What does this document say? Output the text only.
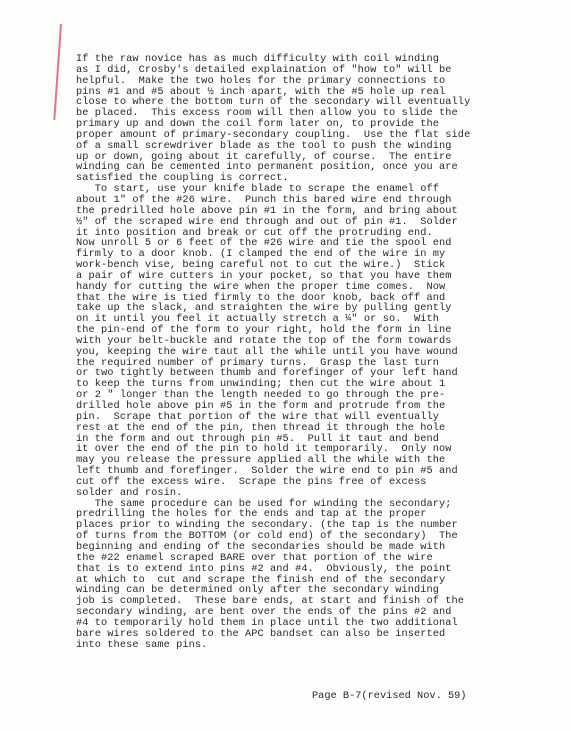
If the raw novice has as much difficulty with coil winding
as I did, Crosby's detailed explaination of "how to" will be
helpful.  Make the two holes for the primary connections to
pins #1 and #5 about ½ inch apart, with the #5 hole up real
close to where the bottom turn of the secondary will eventually
be placed.  This excess room will then allow you to slide the
primary up and down the coil form later on, to provide the
proper amount of primary-secondary coupling.  Use the flat side
of a small screwdriver blade as the tool to push the winding
up or down, going about it carefully, of course.  The entire
winding can be cemented into permanent position, once you are
satisfied the coupling is correct.
To start, use your knife blade to scrape the enamel off
about 1" of the #26 wire.  Punch this bared wire end through
the predrilled hole above pin #1 in the form, and bring about
½" of the scraped wire end through and out of pin #1.  Solder
it into position and break or cut off the protruding end.
Now unroll 5 or 6 feet of the #26 wire and tie the spool end
firmly to a door knob. (I clamped the end of the wire in my
work-bench vise, being careful not to cut the wire.)  Stick
a pair of wire cutters in your pocket, so that you have them
handy for cutting the wire when the proper time comes.  Now
that the wire is tied firmly to the door knob, back off and
take up the slack, and straighten the wire by pulling gently
on it until you feel it actually stretch a ¼" or so.  With
the pin-end of the form to your right, hold the form in line
with your belt-buckle and rotate the top of the form towards
you, keeping the wire taut all the while until you have wound
the required number of primary turns.  Grasp the last turn
or two tightly between thumb and forefinger of your left hand
to keep the turns from unwinding; then cut the wire about 1
or 2 " longer than the length needed to go through the pre-
drilled hole above pin #5 in the form and protrude from the
pin.  Scrape that portion of the wire that will eventually
rest at the end of the pin, then thread it through the hole
in the form and out through pin #5.  Pull it taut and bend
it over the end of the pin to hold it temporarily.  Only now
may you release the pressure applied all the while with the
left thumb and forefinger.  Solder the wire end to pin #5 and
cut off the excess wire.  Scrape the pins free of excess
solder and rosin.
The same procedure can be used for winding the secondary;
predrilling the holes for the ends and tap at the proper
places prior to winding the secondary. (the tap is the number
of turns from the BOTTOM (or cold end) of the secondary)  The
beginning and ending of the secondaries should be made with
the #22 enamel scraped BARE over that portion of the wire
that is to extend into pins #2 and #4.  Obviously, the point
at which to  cut and scrape the finish end of the secondary
winding can be determined only after the secondary winding
job is completed.  These bare ends, at start and finish of the
secondary winding, are bent over the ends of the pins #2 and
#4 to temporarily hold them in place until the two additional
bare wires soldered to the APC bandset can also be inserted
into these same pins.
Page B-7(revised Nov. 59)
